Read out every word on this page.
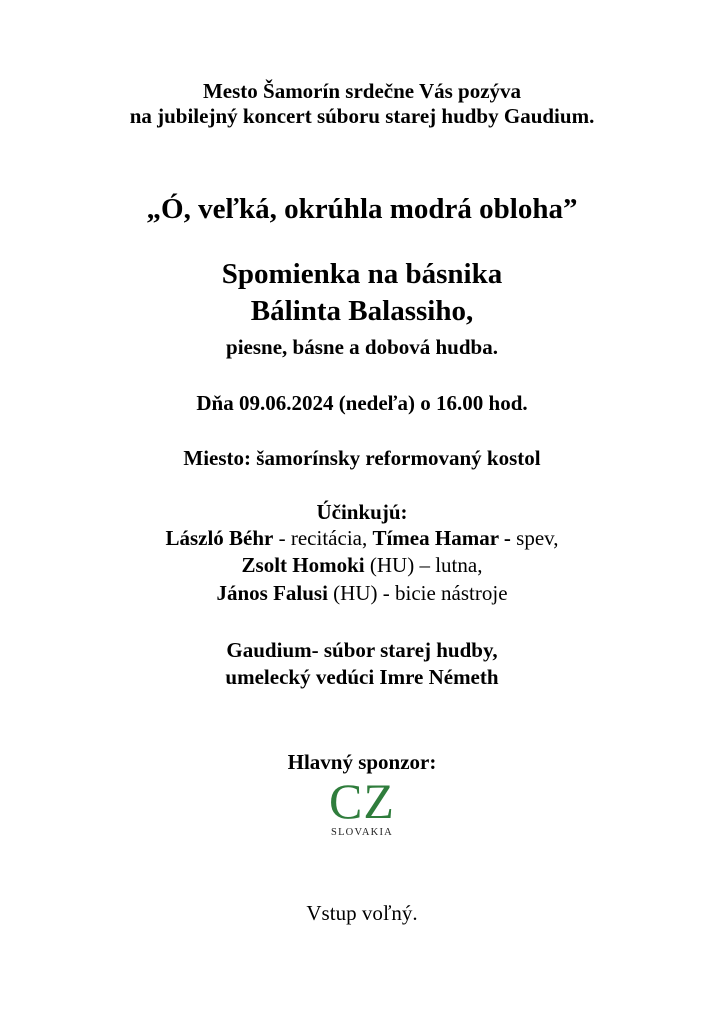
Mesto Šamorín srdečne Vás pozýva
na jubilejný koncert súboru starej hudby Gaudium.
„Ó, veľká, okrúhla modrá obloha”
Spomienka na básnika
Bálinta Balassiho,
piesne, básne a dobová hudba.
Dňa 09.06.2024 (nedeľa) o 16.00 hod.
Miesto: šamorínsky reformovaný kostol
Účinkujú:
László Béhr - recitácia, Tímea Hamar - spev,
Zsolt Homoki (HU) – lutna,
János Falusi (HU) - bicie nástroje
Gaudium- súbor starej hudby,
umelecký vedúci Imre Németh
Hlavný sponzor:
CZ
SLOVAKIA
Vstup voľný.
